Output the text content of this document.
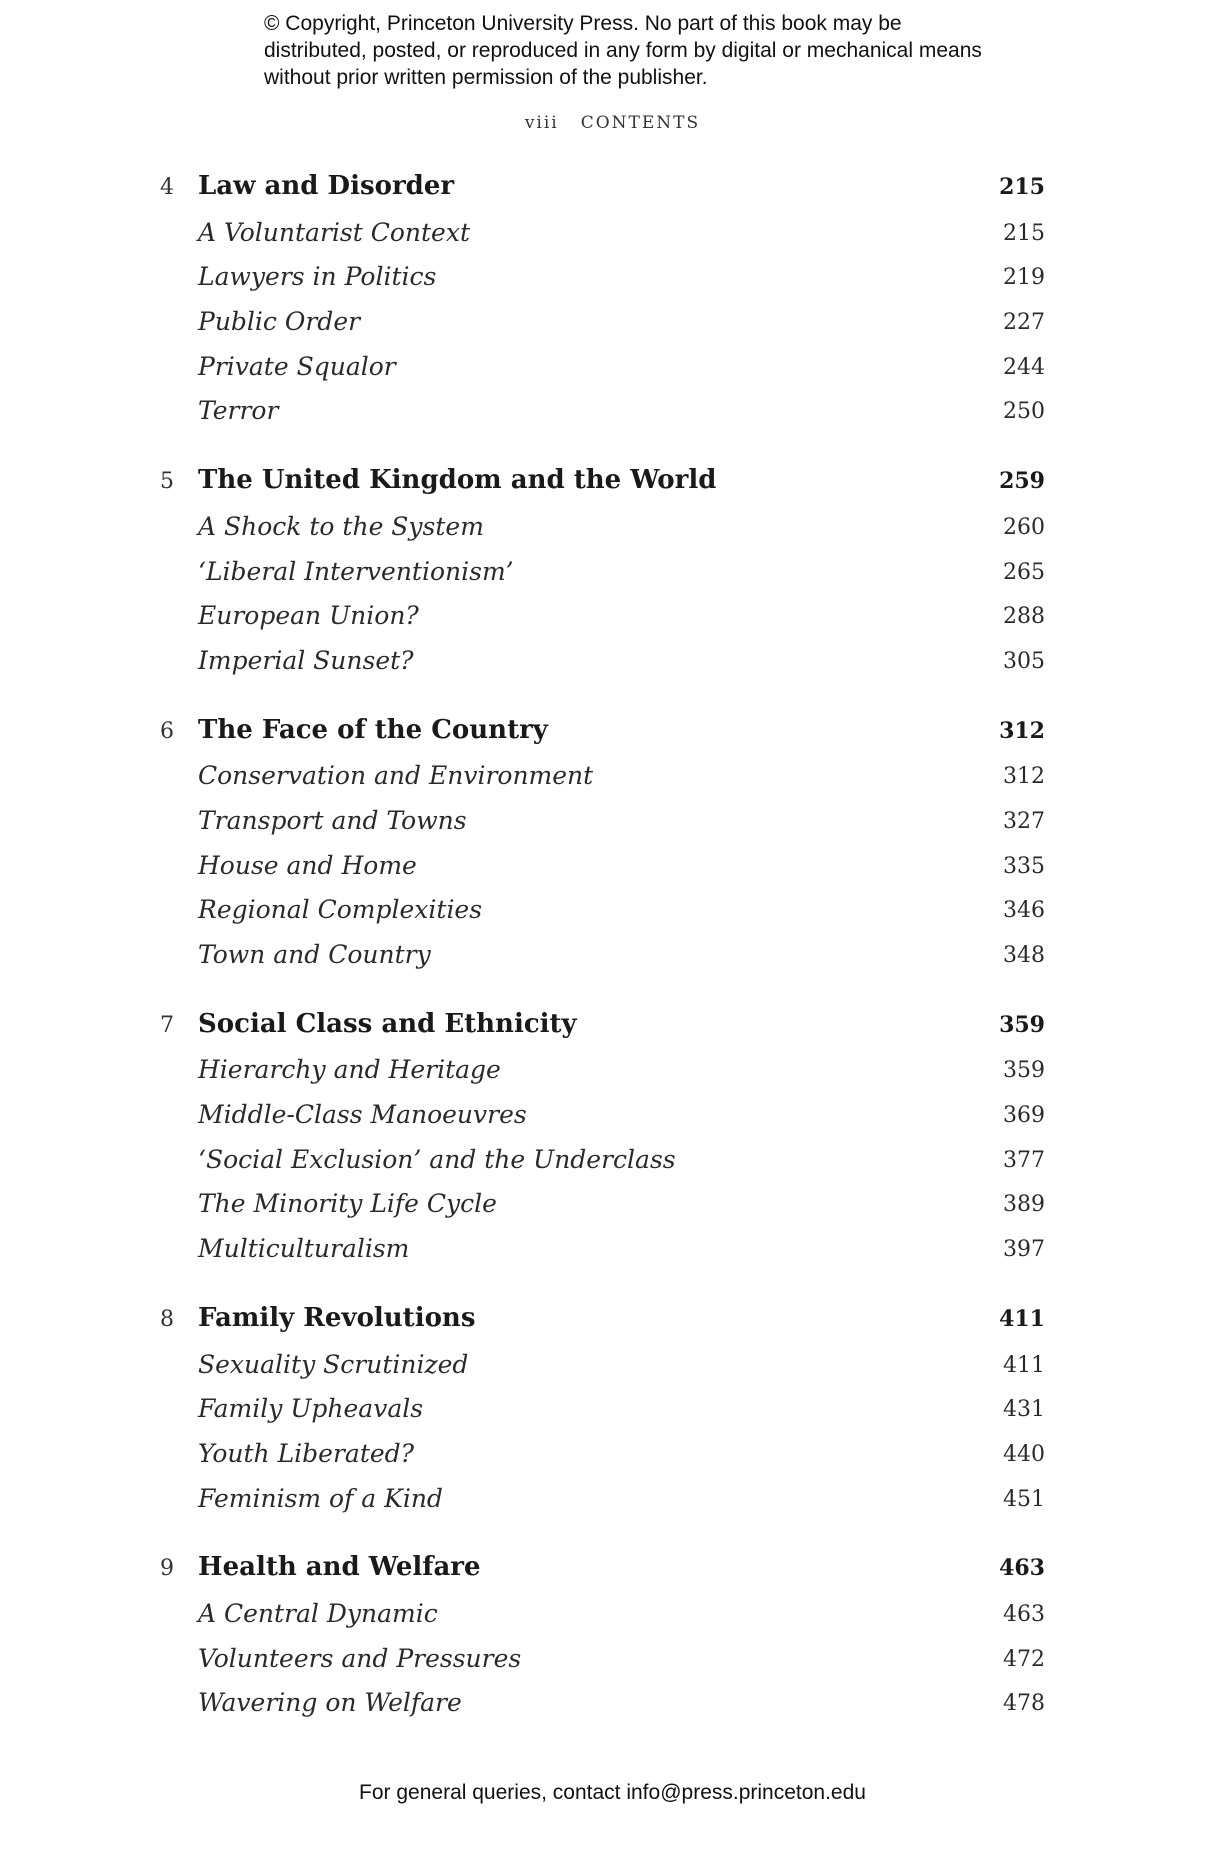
© Copyright, Princeton University Press. No part of this book may be distributed, posted, or reproduced in any form by digital or mechanical means without prior written permission of the publisher.
viii CONTENTS
4 Law and Disorder	215
A Voluntarist Context	215
Lawyers in Politics	219
Public Order	227
Private Squalor	244
Terror	250
5 The United Kingdom and the World	259
A Shock to the System	260
‘Liberal Interventionism’	265
European Union?	288
Imperial Sunset?	305
6 The Face of the Country	312
Conservation and Environment	312
Transport and Towns	327
House and Home	335
Regional Complexities	346
Town and Country	348
7 Social Class and Ethnicity	359
Hierarchy and Heritage	359
Middle-Class Manoeuvres	369
‘Social Exclusion’ and the Underclass	377
The Minority Life Cycle	389
Multiculturalism	397
8 Family Revolutions	411
Sexuality Scrutinized	411
Family Upheavals	431
Youth Liberated?	440
Feminism of a Kind	451
9 Health and Welfare	463
A Central Dynamic	463
Volunteers and Pressures	472
Wavering on Welfare	478
For general queries, contact info@press.princeton.edu
